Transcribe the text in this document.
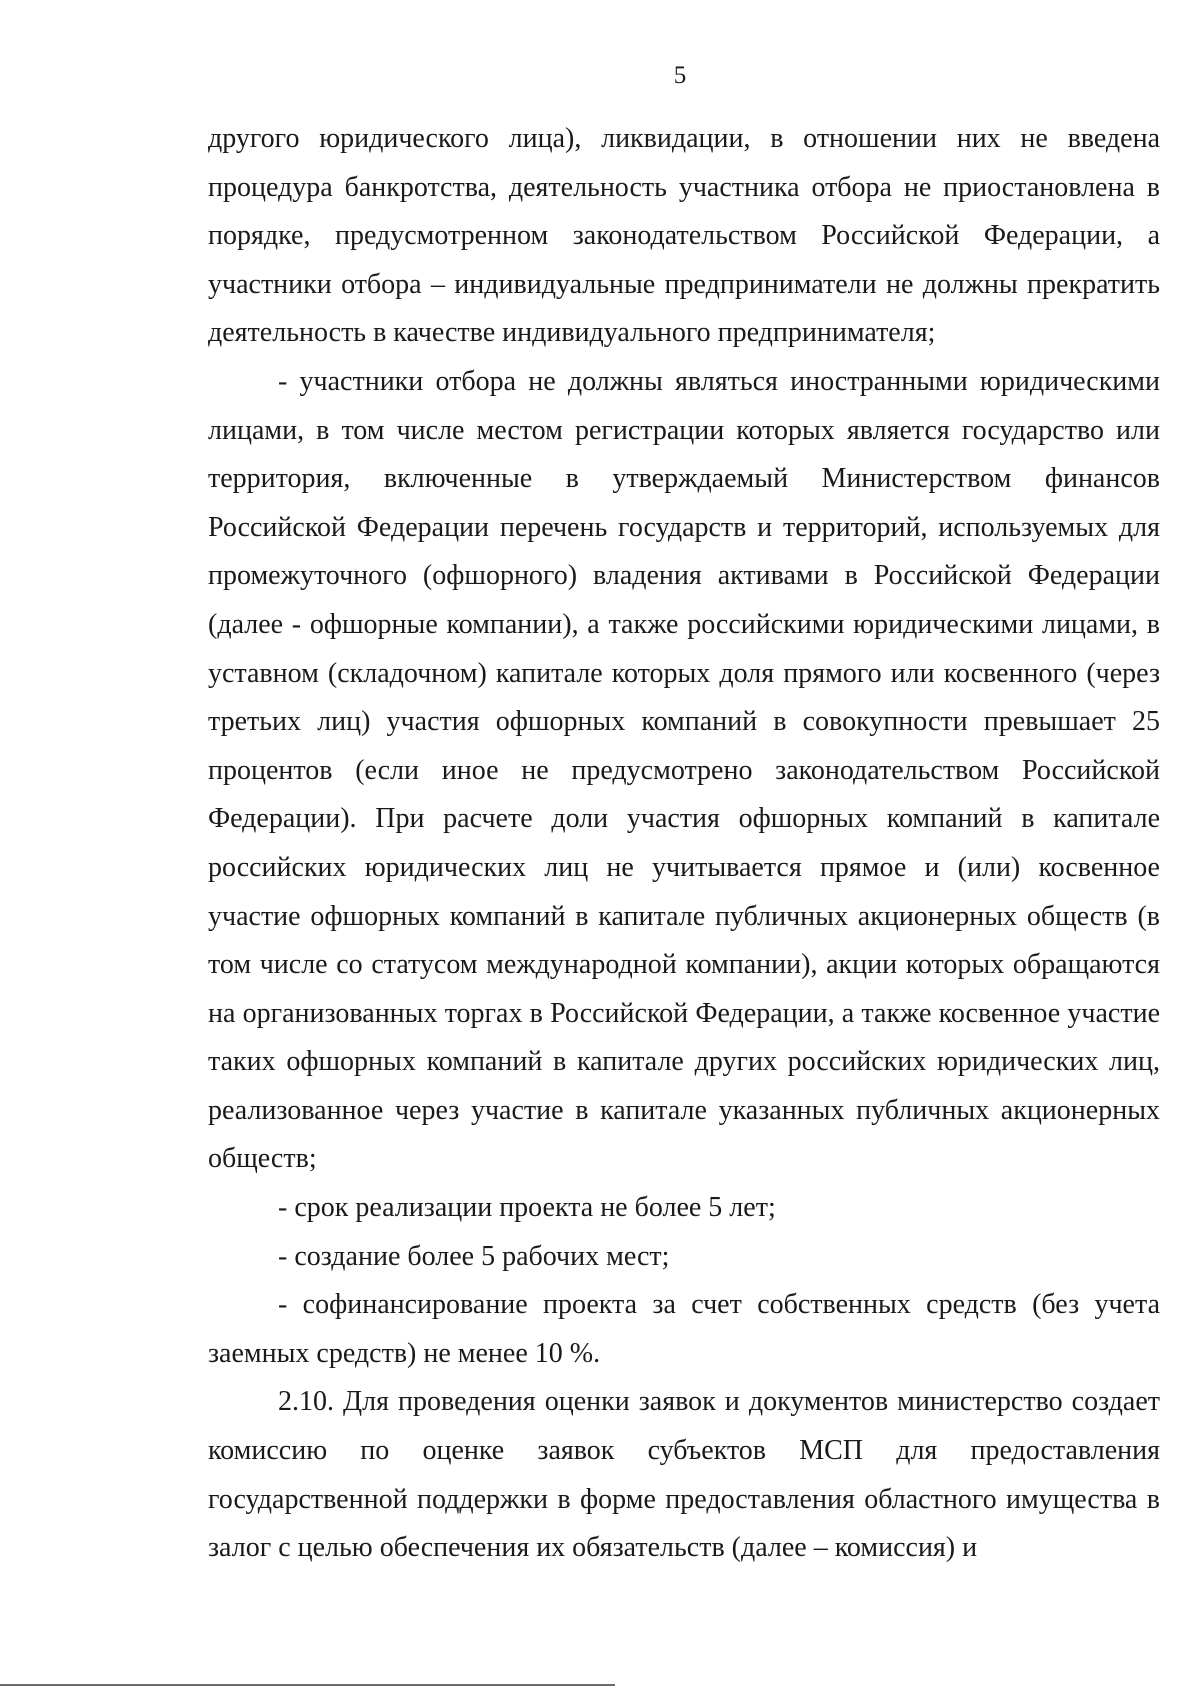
5

другого юридического лица), ликвидации, в отношении них не введена процедура банкротства, деятельность участника отбора не приостановлена в порядке, предусмотренном законодательством Российской Федерации, а участники отбора – индивидуальные предприниматели не должны прекратить деятельность в качестве индивидуального предпринимателя;

- участники отбора не должны являться иностранными юридическими лицами, в том числе местом регистрации которых является государство или территория, включенные в утверждаемый Министерством финансов Российской Федерации перечень государств и территорий, используемых для промежуточного (офшорного) владения активами в Российской Федерации (далее - офшорные компании), а также российскими юридическими лицами, в уставном (складочном) капитале которых доля прямого или косвенного (через третьих лиц) участия офшорных компаний в совокупности превышает 25 процентов (если иное не предусмотрено законодательством Российской Федерации). При расчете доли участия офшорных компаний в капитале российских юридических лиц не учитывается прямое и (или) косвенное участие офшорных компаний в капитале публичных акционерных обществ (в том числе со статусом международной компании), акции которых обращаются на организованных торгах в Российской Федерации, а также косвенное участие таких офшорных компаний в капитале других российских юридических лиц, реализованное через участие в капитале указанных публичных акционерных обществ;

- срок реализации проекта не более 5 лет;

- создание более 5 рабочих мест;

- софинансирование проекта за счет собственных средств (без учета заемных средств) не менее 10 %.

2.10. Для проведения оценки заявок и документов министерство создает комиссию по оценке заявок субъектов МСП для предоставления государственной поддержки в форме предоставления областного имущества в залог с целью обеспечения их обязательств (далее – комиссия) и
